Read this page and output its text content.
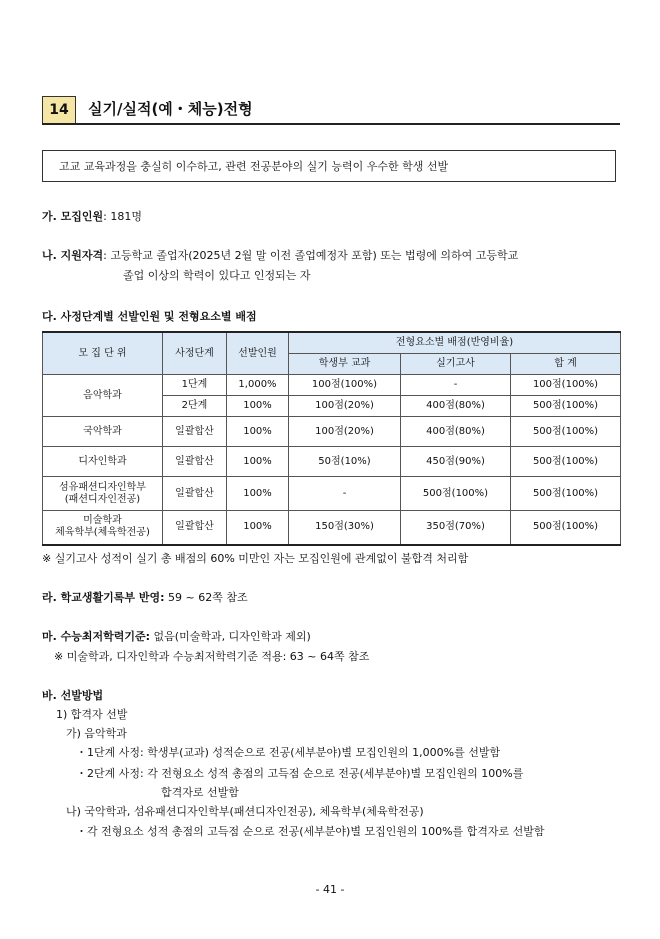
14	실기/실적(예・체능)전형
고교 교육과정을 충실히 이수하고, 관련 전공분야의 실기 능력이 우수한 학생 선발
가. 모집인원: 181명
나. 지원자격: 고등학교 졸업자(2025년 2월 말 이전 졸업예정자 포함) 또는 법령에 의하여 고등학교
졸업 이상의 학력이 있다고 인정되는 자
다. 사정단계별 선발인원 및 전형요소별 배점
모 집 단 위	사정단계	선발인원	전형요소별 배점(반영비율)		
			학생부 교과	실기고사	합 계
음악학과	1단계	1,000%	100점(100%)	-	100점(100%)
	2단계	100%	100점(20%)	400점(80%)	500점(100%)
국악학과	일괄합산	100%	100점(20%)	400점(80%)	500점(100%)
디자인학과	일괄합산	100%	50점(10%)	450점(90%)	500점(100%)

섬유패션디자인학부
(패션디자인전공)	일괄합산	100%	-	500점(100%)	500점(100%)

미술학과
체육학부(체육학전공)	일괄합산	100%	150점(30%)	350점(70%)	500점(100%)
※ 실기고사 성적이 실기 총 배점의 60% 미만인 자는 모집인원에 관계없이 불합격 처리함
라. 학교생활기록부 반영: 59 ~ 62쪽 참조
마. 수능최저학력기준: 없음(미술학과, 디자인학과 제외)
※ 미술학과, 디자인학과 수능최저학력기준 적용: 63 ~ 64쪽 참조
바. 선발방법
1) 합격자 선발
가) 음악학과
・1단계 사정: 학생부(교과) 성적순으로 전공(세부분야)별 모집인원의 1,000%를 선발함
・2단계 사정: 각 전형요소 성적 총점의 고득점 순으로 전공(세부분야)별 모집인원의 100%를
합격자로 선발함
나) 국악학과, 섬유패션디자인학부(패션디자인전공), 체육학부(체육학전공)
・각 전형요소 성적 총점의 고득점 순으로 전공(세부분야)별 모집인원의 100%를 합격자로 선발함
- 41 -
